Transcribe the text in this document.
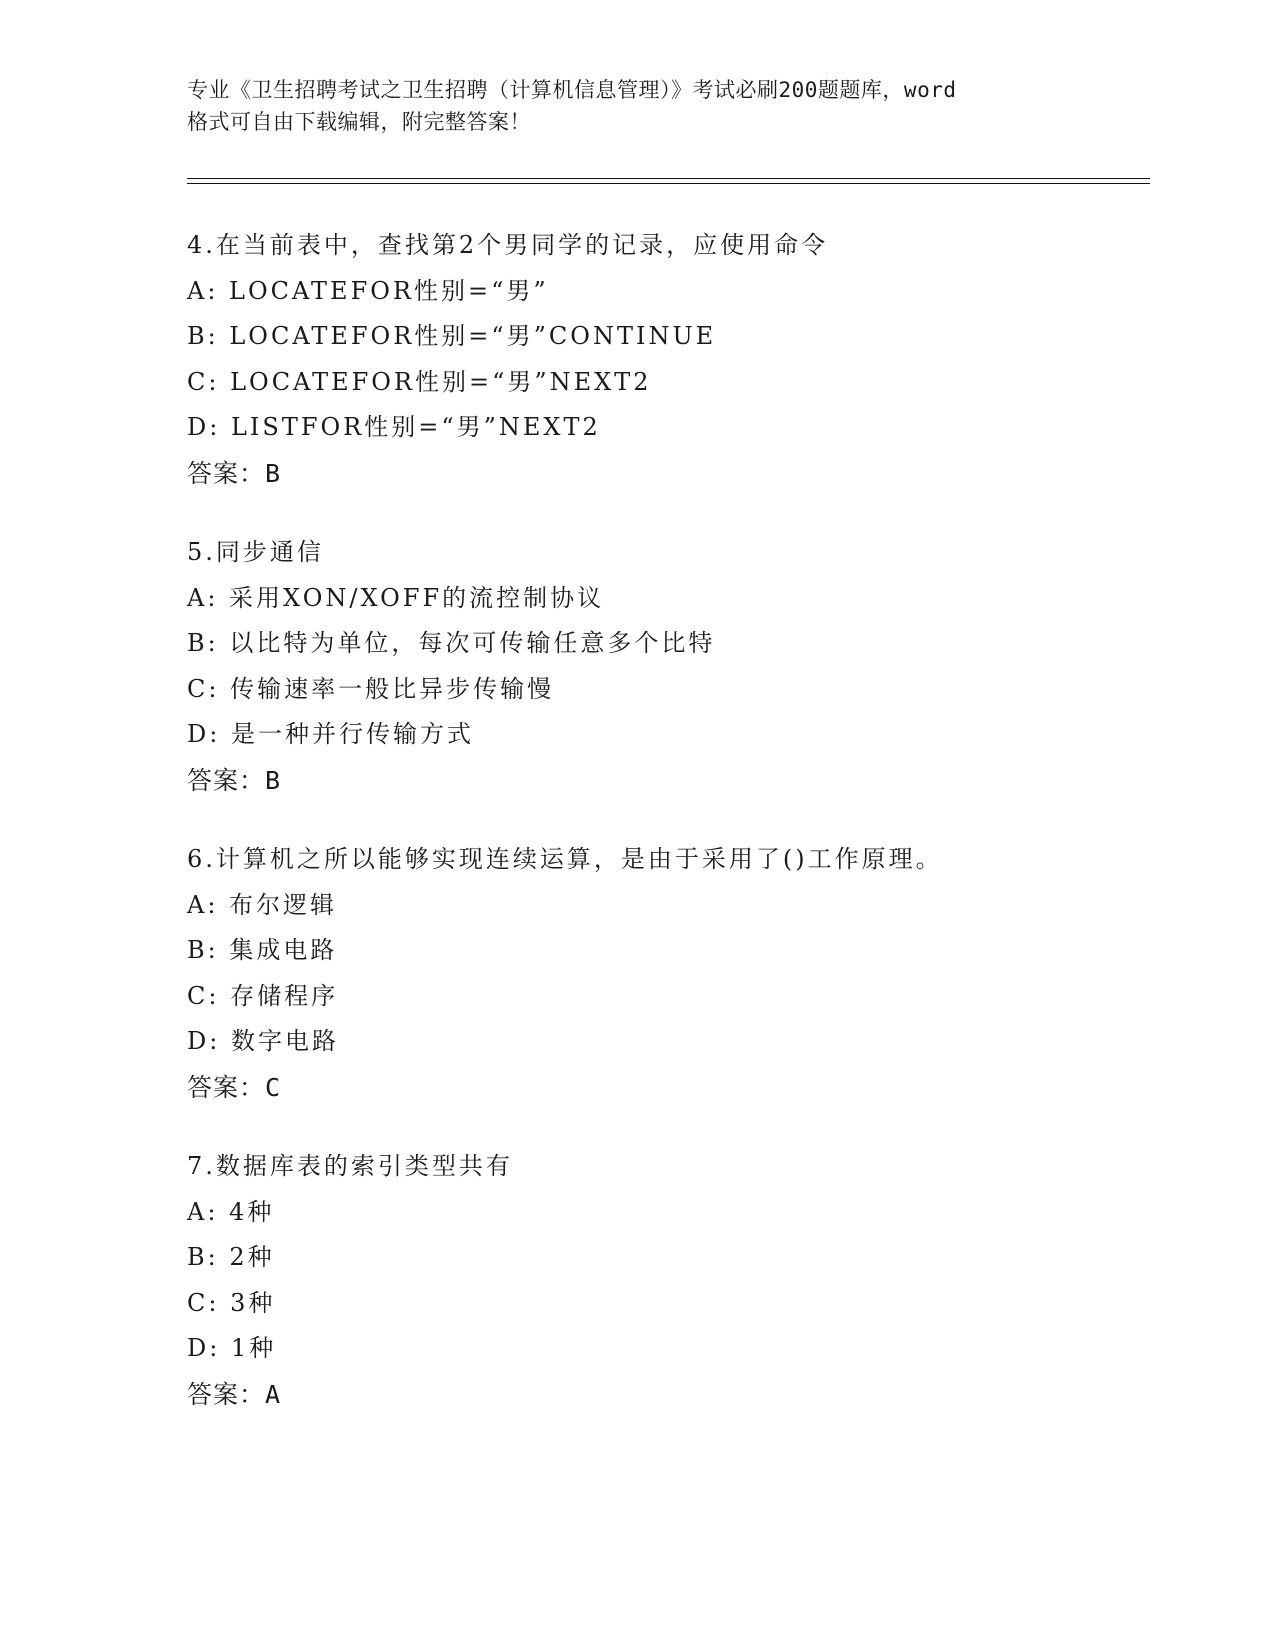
专业《卫生招聘考试之卫生招聘（计算机信息管理）》考试必刷200题题库，word
格式可自由下载编辑，附完整答案！
4.在当前表中，查找第2个男同学的记录，应使用命令
A: LOCATEFOR性别=“男”
B: LOCATEFOR性别=“男”CONTINUE
C: LOCATEFOR性别=“男”NEXT2
D: LISTFOR性别=“男”NEXT2
答案：B
5.同步通信
A: 采用XON/XOFF的流控制协议
B: 以比特为单位，每次可传输任意多个比特
C: 传输速率一般比异步传输慢
D: 是一种并行传输方式
答案：B
6.计算机之所以能够实现连续运算，是由于采用了()工作原理。
A: 布尔逻辑
B: 集成电路
C: 存储程序
D: 数字电路
答案：C
7.数据库表的索引类型共有
A: 4种
B: 2种
C: 3种
D: 1种
答案：A
